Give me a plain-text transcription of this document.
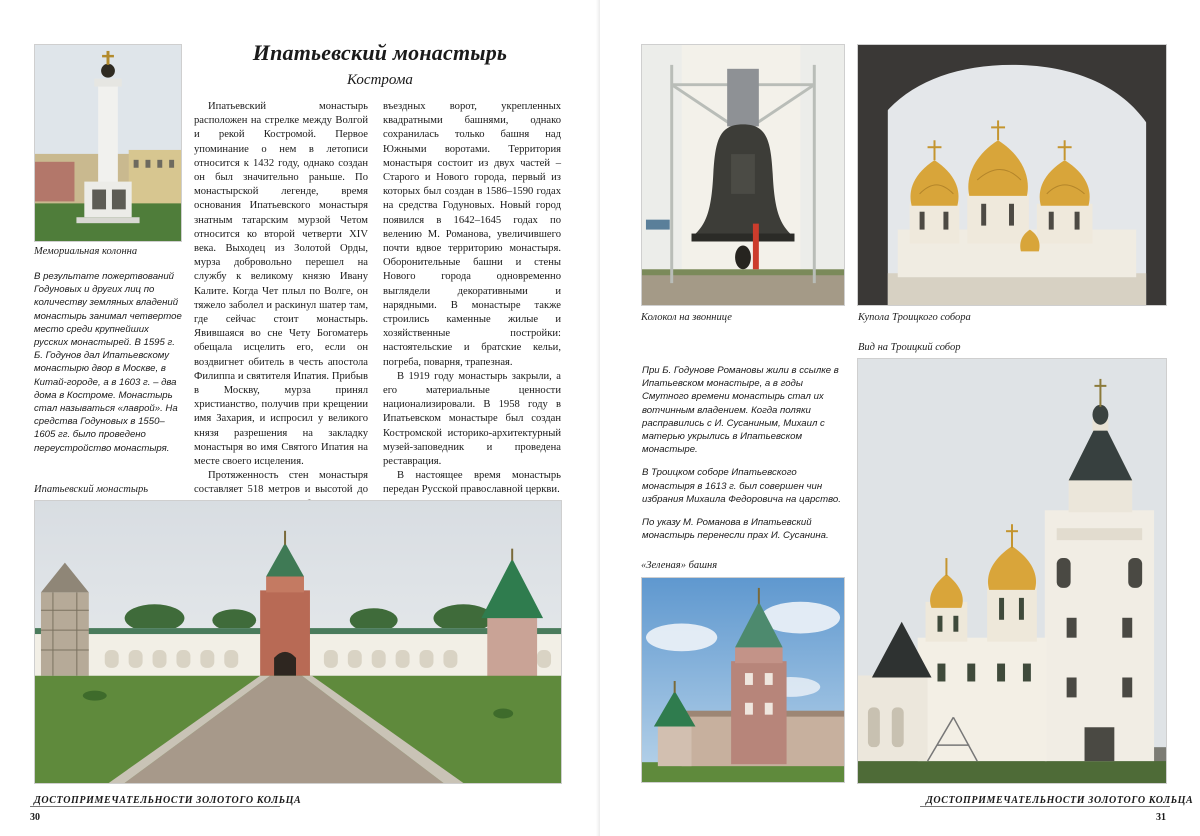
Мемориальная колонна
В результате пожертвований Годуновых и других лиц по количеству земляных владений монастырь занимал четвертое место среди крупнейших русских монастырей. В 1595 г. Б. Годунов дал Ипатьевскому монастырю двор в Москве, в Китай-городе, а в 1603 г. – два дома в Костроме. Монастырь стал называться «лаврой». На средства Годуновых в 1550–1605 гг. было проведено переустройство монастыря.
Ипатьевский монастырь
Кострома

Ипатьевский монастырь расположен на стрелке между Волгой и рекой Костромой. Первое упоминание о нем в летописи относится к 1432 году, однако создан он был значительно раньше. По монастырской легенде, время основания Ипатьевского монастыря знатным татарским мурзой Четом относится ко второй четверти XIV века. Выходец из Золотой Орды, мурза добровольно перешел на службу к великому князю Ивану Калите. Когда Чет плыл по Волге, он тяжело заболел и раскинул шатер там, где сейчас стоит монастырь. Явившаяся во сне Чету Богоматерь обещала исцелить его, если он воздвигнет обитель в честь апостола Филиппа и святителя Ипатия. Прибыв в Москву, мурза принял христианство, получив при крещении имя Захария, и испросил у великого князя разрешения на закладку монастыря во имя Святого Ипатия на месте своего исцеления.

Протяженность стен монастыря составляет 518 метров и высотой до

въездных ворот, укрепленных квадратными башнями, однако сохранилась только башня над Южными воротами. Территория монастыря состоит из двух частей – Старого и Нового города, первый из которых был создан в 1586–1590 годах на средства Годуновых. Новый город появился в 1642–1645 годах по велению М. Романова, увеличившего почти вдвое территорию монастыря. Оборонительные башни и стены Нового города одновременно выглядели декоративными и нарядными. В монастыре также строились каменные жилые и хозяйственные постройки: настоятельские и братские кельи, погреба, поварня, трапезная.

В 1919 году монастырь закрыли, а его материальные ценности национализировали. В 1958 году в Ипатьевском монастыре был создан Костромской историко-архитектурный музей-заповедник и проведена реставрация.

В настоящее время монастырь передан Русской православной церкви.

Ипатьевский монастырь
ДОСТОПРИМЕЧАТЕЛЬНОСТИ ЗОЛОТОГО КОЛЬЦА
30
Колокол на звоннице	Купола Троицкого собора
Вид на Троицкий собор

При Б. Годунове Романовы жили в ссылке в Ипатьевском монастыре, а в годы Смутного времени монастырь стал их вотчинным владением. Когда поляки расправились с И. Сусаниным, Михаил с матерью укрылись в Ипатьевском монастыре.

В Троицком соборе Ипатьевского монастыря в 1613 г. был совершен чин избрания Михаила Федоровича на царство.

По указу М. Романова в Ипатьевский монастырь перенесли прах И. Сусанина.

«Зеленая» башня
ДОСТОПРИМЕЧАТЕЛЬНОСТИ ЗОЛОТОГО КОЛЬЦА
31
